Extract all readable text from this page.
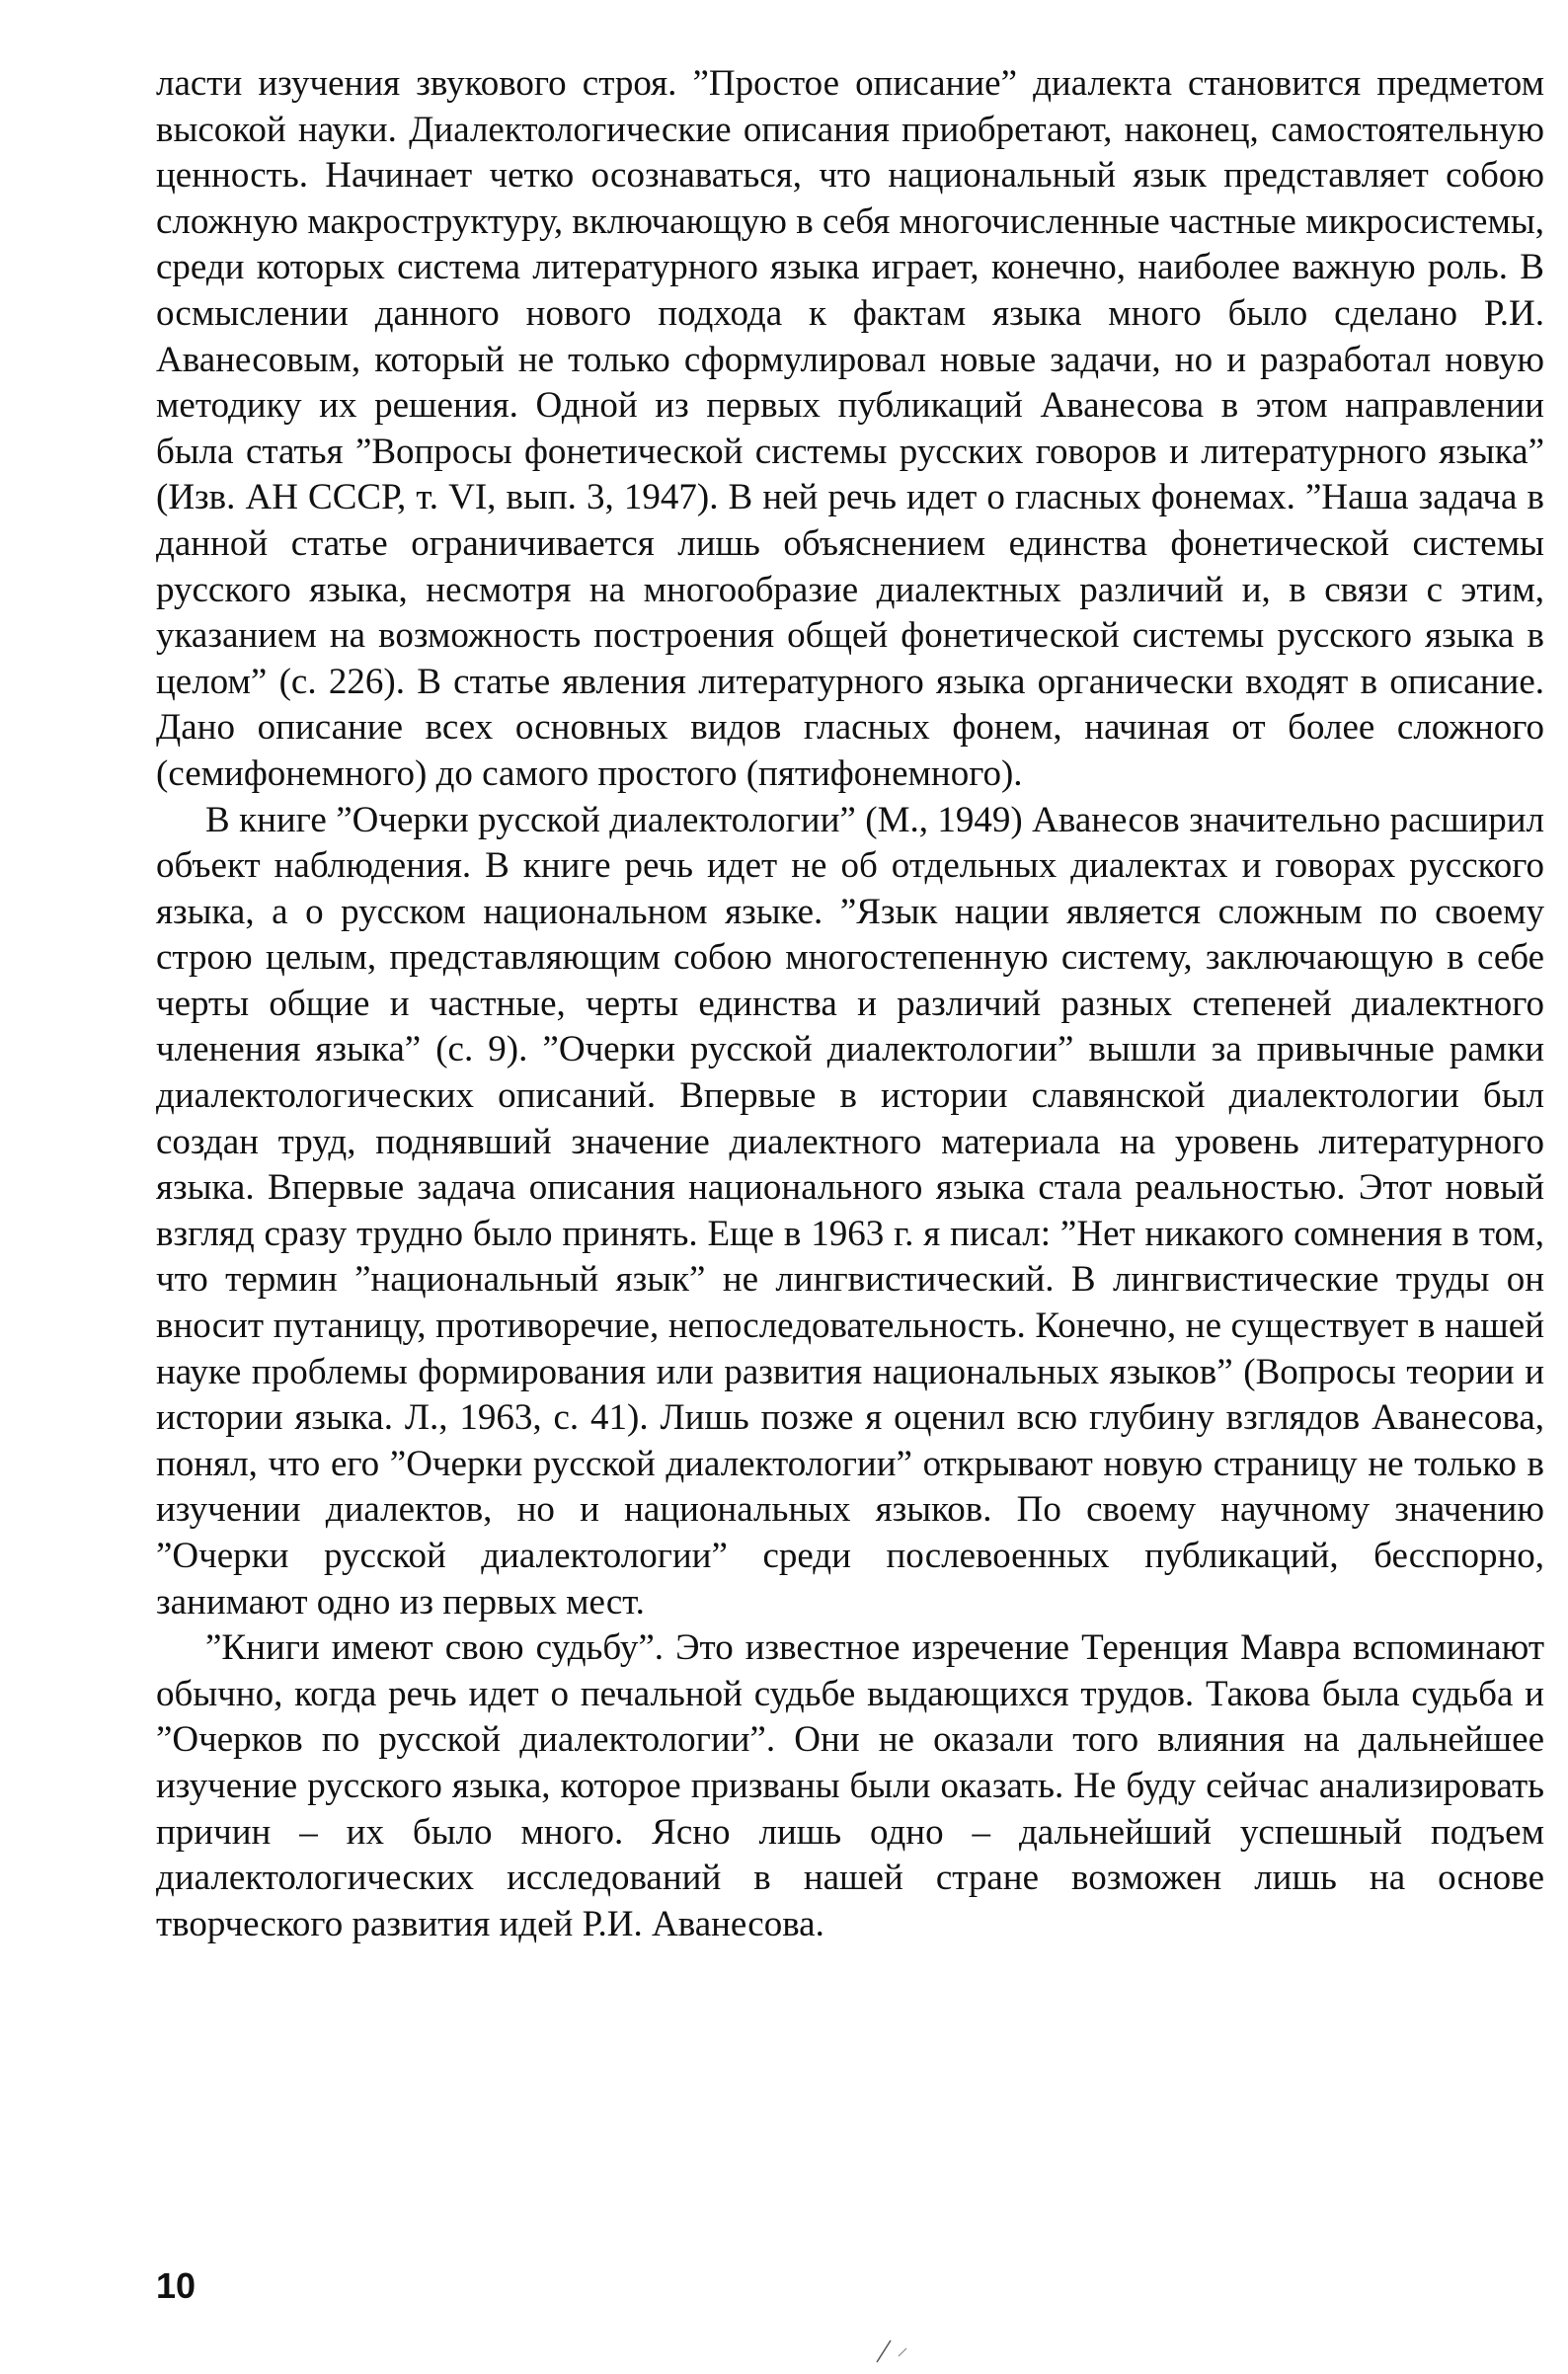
ласти изучения звукового строя. ”Простое описание” диалекта становится предметом высокой науки. Диалектологические описания приобретают, наконец, самостоятельную ценность. Начинает четко осознаваться, что национальный язык представляет собою сложную макроструктуру, включающую в себя многочисленные частные микросистемы, среди которых система литературного языка играет, конечно, наиболее важную роль. В осмыслении данного нового подхода к фактам языка много было сделано Р.И. Аванесовым, который не только сформулировал новые задачи, но и разработал новую методику их решения. Одной из первых публикаций Аванесова в этом направлении была статья ”Вопросы фонетической системы русских говоров и литературного языка” (Изв. АН СССР, т. VI, вып. 3, 1947). В ней речь идет о гласных фонемах. ”Наша задача в данной статье ограничивается лишь объяснением единства фонетической системы русского языка, несмотря на многообразие диалектных различий и, в связи с этим, указанием на возможность построения общей фонетической системы русского языка в целом” (с. 226). В статье явления литературного языка органически входят в описание. Дано описание всех основных видов гласных фонем, начиная от более сложного (семифонемного) до самого простого (пятифонемного).

В книге ”Очерки русской диалектологии” (М., 1949) Аванесов значительно расширил объект наблюдения. В книге речь идет не об отдельных диалектах и говорах русского языка, а о русском национальном языке. ”Язык нации является сложным по своему строю целым, представляющим собою многостепенную систему, заключающую в себе черты общие и частные, черты единства и различий разных степеней диалектного членения языка” (с. 9). ”Очерки русской диалектологии” вышли за привычные рамки диалектологических описаний. Впервые в истории славянской диалектологии был создан труд, поднявший значение диалектного материала на уровень литературного языка. Впервые задача описания национального языка стала реальностью. Этот новый взгляд сразу трудно было принять. Еще в 1963 г. я писал: ”Нет никакого сомнения в том, что термин ”национальный язык” не лингвистический. В лингвистические труды он вносит путаницу, противоречие, непоследовательность. Конечно, не существует в нашей науке проблемы формирования или развития национальных языков” (Вопросы теории и истории языка. Л., 1963, с. 41). Лишь позже я оценил всю глубину взглядов Аванесова, понял, что его ”Очерки русской диалектологии” открывают новую страницу не только в изучении диалектов, но и национальных языков. По своему научному значению ”Очерки русской диалектологии” среди послевоенных публикаций, бесспорно, занимают одно из первых мест.

”Книги имеют свою судьбу”. Это известное изречение Теренция Мавра вспоминают обычно, когда речь идет о печальной судьбе выдающихся трудов. Такова была судьба и ”Очерков по русской диалектологии”. Они не оказали того влияния на дальнейшее изучение русского языка, которое призваны были оказать. Не буду сейчас анализировать причин – их было много. Ясно лишь одно – дальнейший успешный подъем диалектологических исследований в нашей стране возможен лишь на основе творческого развития идей Р.И. Аванесова.

10
